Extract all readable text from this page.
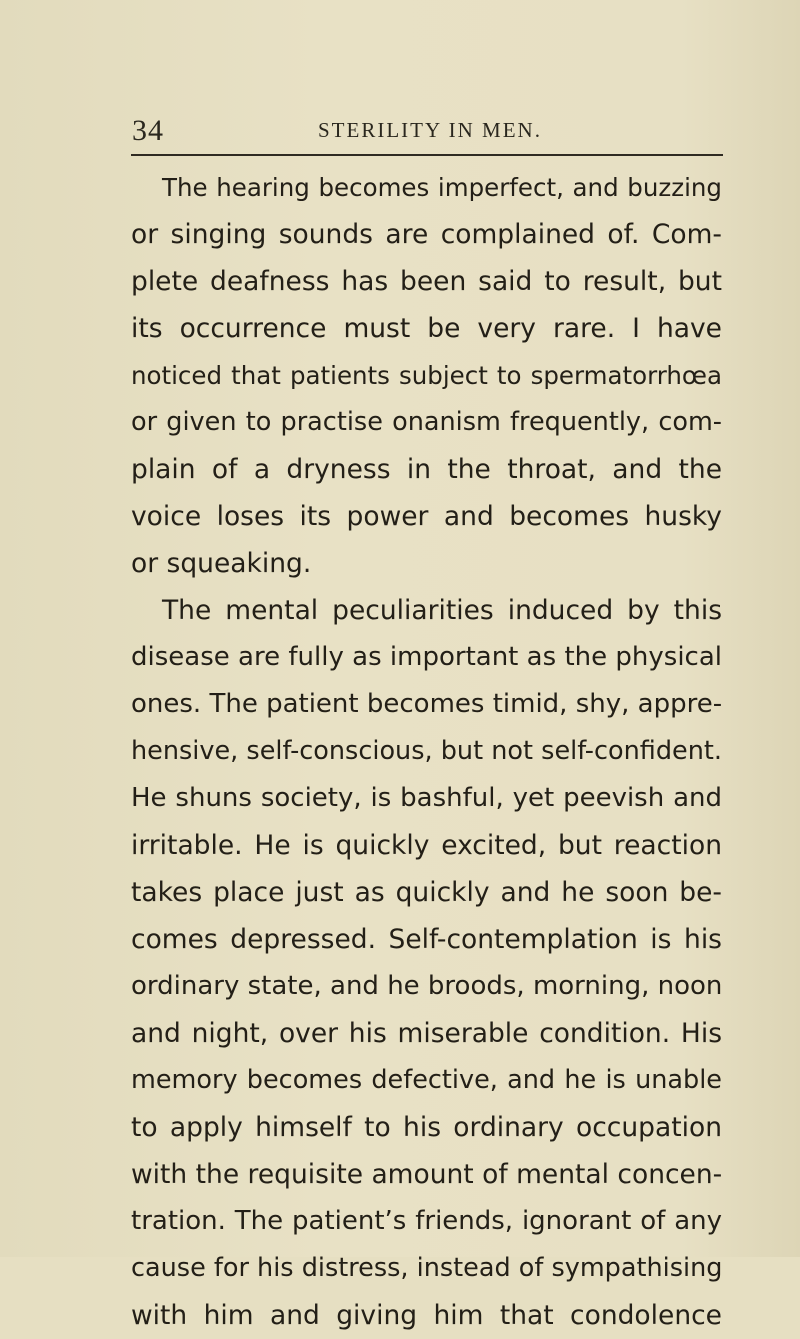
34	STERILITY IN MEN.
The hearing becomes imperfect, and buzzing
or singing sounds are complained of. Com-
plete deafness has been said to result, but
its occurrence must be very rare. I have
noticed that patients subject to spermatorrhœa
or given to practise onanism frequently, com-
plain of a dryness in the throat, and the
voice loses its power and becomes husky
or squeaking.
The mental peculiarities induced by this
disease are fully as important as the physical
ones. The patient becomes timid, shy, appre-
hensive, self-conscious, but not self-confident.
He shuns society, is bashful, yet peevish and
irritable. He is quickly excited, but reaction
takes place just as quickly and he soon be-
comes depressed. Self-contemplation is his
ordinary state, and he broods, morning, noon
and night, over his miserable condition. His
memory becomes defective, and he is unable
to apply himself to his ordinary occupation
with the requisite amount of mental concen-
tration. The patient’s friends, ignorant of any
cause for his distress, instead of sympathising
with him and giving him that condolence
